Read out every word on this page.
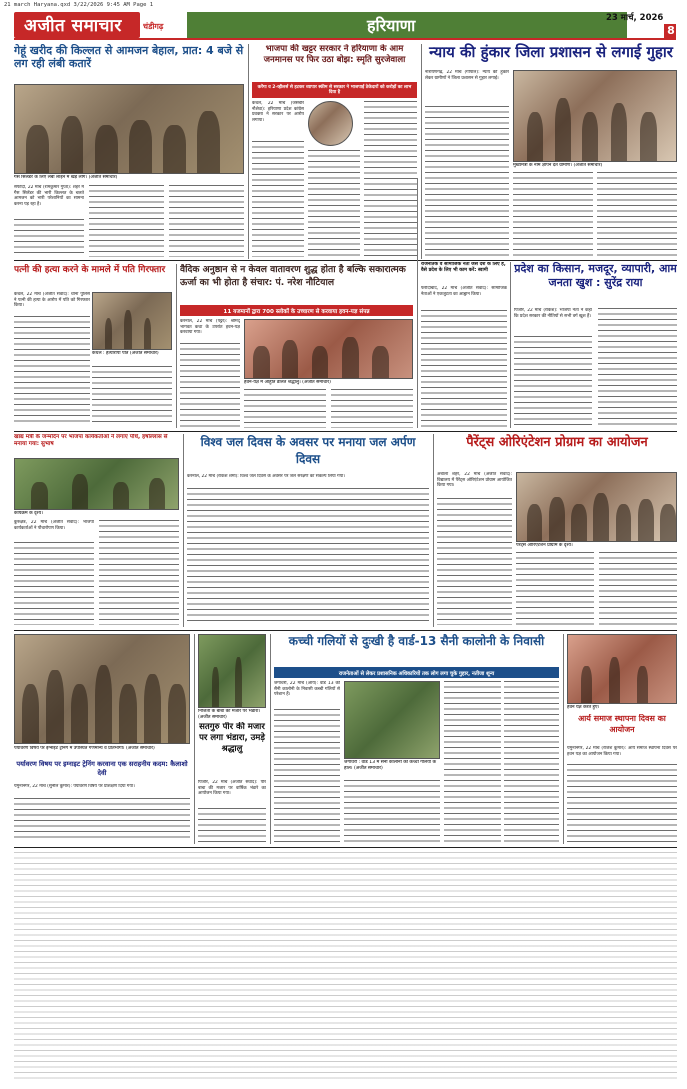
21 march Haryana.qxd 3/22/2026 9:45 AM Page 1
अजीत समाचार	चंडीगढ़	हरियाणा	23 मार्च, 2026
8
गेहूं खरीद की किल्लत से आमजन बेहाल, प्रात: 4 बजे से लग रही लंबी कतारें
गैस सिलेंडर के लिए लंबी लाइन में खड़े लोग। (अजीत समाचार)
सफीदों, 22 मार्च (रामकुमार गुप्ता): शहर में गैस सिलेंडर की भारी किल्लत के चलते आमजन को भारी परेशानियों का सामना करना पड़ रहा है।
भाजपा की खट्टर सरकार ने हरियाणा के आम जनमानस पर फिर उठा बोझ: स्मृति सुरजेवाला
करेंगा व 2-व्हीलर्स से हटकर व्यापार स्कीम से सरकार ने भाजपाई ठेकेदारों को करोड़ों का लाभ दिया है
कैथल, 22 मार्च (जसबीर नौशेवा): हरियाणा प्रदेश कांग्रेस प्रवक्ता ने सरकार पर आरोप लगाया।
न्याय की हुंकार जिला प्रशासन से लगाई गुहार
नारायणगढ़, 22 मार्च (गोपाल): न्याय की हुंकार लेकर ग्रामीणों ने जिला प्रशासन से गुहार लगाई।
मुख्यमंत्री के नाम ज्ञापन देते ग्रामीण। (अजीत समाचार)
पत्नी की हत्या करने के मामले में पति गिरफ्तार
कैथल, 22 मार्च (अजीत संवाद): थाना पुलिस ने पत्नी की हत्या के आरोप में पति को गिरफ्तार किया।
कैथल : हत्यारोपी पति (अजीत समाचार)
वैदिक अनुष्ठान से न केवल वातावरण शुद्ध होता है बल्कि सकारात्मक ऊर्जा का भी होता है संचार: पं. नरेश नौटियाल
11 यजमानों द्वारा 700 स्लोकों के उच्चारण से करवाया हवन-यज्ञ संपन्न
करनाल, 22 मार्च (पट्टर): श्रीमद् भागवत कथा के उपरांत हवन-यज्ञ करवाया गया।
हवन-यज्ञ में आहुति डालते श्रद्धालु। (अजीत समाचार)
राजनैतिक व सामाजिक नेता जैसे देश के लिए हैं, वैसे प्रदेश के लिए भी काम करें: स्वामी
फरीदाबाद, 22 मार्च (अजीत संवाद): सामाजिक नेताओं ने एकजुटता का आह्वान किया।
प्रदेश का किसान, मजदूर, व्यापारी, आम जनता खुश : सुरेंद्र राया
पिंजौर, 22 मार्च (राकेश): भाजपा नेता ने कहा कि प्रदेश सरकार की नीतियों से सभी वर्ग खुश हैं।
खाद्य मंत्री के जन्मदिन पर भाजपा कार्यकर्ताओं ने लगाए पौधे, हर्षोल्लास से मनाया गया: सुभाष
कार्यक्रम के दृश्य।
कुरुक्षेत्र, 22 मार्च (अजीत संवाद): भाजपा कार्यकर्ताओं ने पौधारोपण किया।
विश्व जल दिवस के अवसर पर मनाया जल अर्पण दिवस
करनाल, 22 मार्च (राकेश शर्मा): विश्व जल दिवस के अवसर पर जल संरक्षण का संकल्प लिया गया।
पैरेंट्स ओरिएंटेशन प्रोग्राम का आयोजन
अंबाला शहर, 22 मार्च (अजीत संवाद): विद्यालय में पैरेंट्स ओरिएंटेशन प्रोग्राम आयोजित किया गया।
पैरेंट्स ओरिएंटेशन प्रोग्राम के दृश्य।
पर्यावरण विषय पर इग्नाइट ट्रेनिंग में उपस्थित गणमान्य व प्रतिभागी। (अजीत समाचार)
पर्यावरण विषय पर इग्नाइट ट्रेनिंग करवाना एक सराहनीय कदम: कैलाशो देवी
यमुनानगर, 22 मार्च (सुनील कुमार): पर्यावरण विषय पर प्रशिक्षण दिया गया।
निजिता के बाबा की मजार पर भंडारा। (अजीत समाचार)
सतगुरु पीर की मजार पर लगा भंडारा, उमड़े श्रद्धालु
पिंजौर, 22 मार्च (अजीत संवाद): पीर बाबा की मजार पर वार्षिक भंडारे का आयोजन किया गया।
कच्ची गलियों से दुःखी है वार्ड-13 सैनी कालोनी के निवासी
राजनेताओं से लेकर प्रशासनिक अधिकारियों तक लोग लगा चुके गुहार, नतीजा शून्य
जगाधरी, 22 मार्च (आर्य): वार्ड 13 की सैनी कालोनी के निवासी कच्ची गलियों से परेशान हैं।
जगाधरी : वार्ड 13 में सैनी कालोनी की कच्ची गलियों के हाल। (अजीत समाचार)
हवन यज्ञ करते हुए।
आर्य समाज स्थापना दिवस का आयोजन
यमुनानगर, 22 मार्च (राजेश कुमार): आर्य समाज स्थापना दिवस पर हवन यज्ञ का आयोजन किया गया।
